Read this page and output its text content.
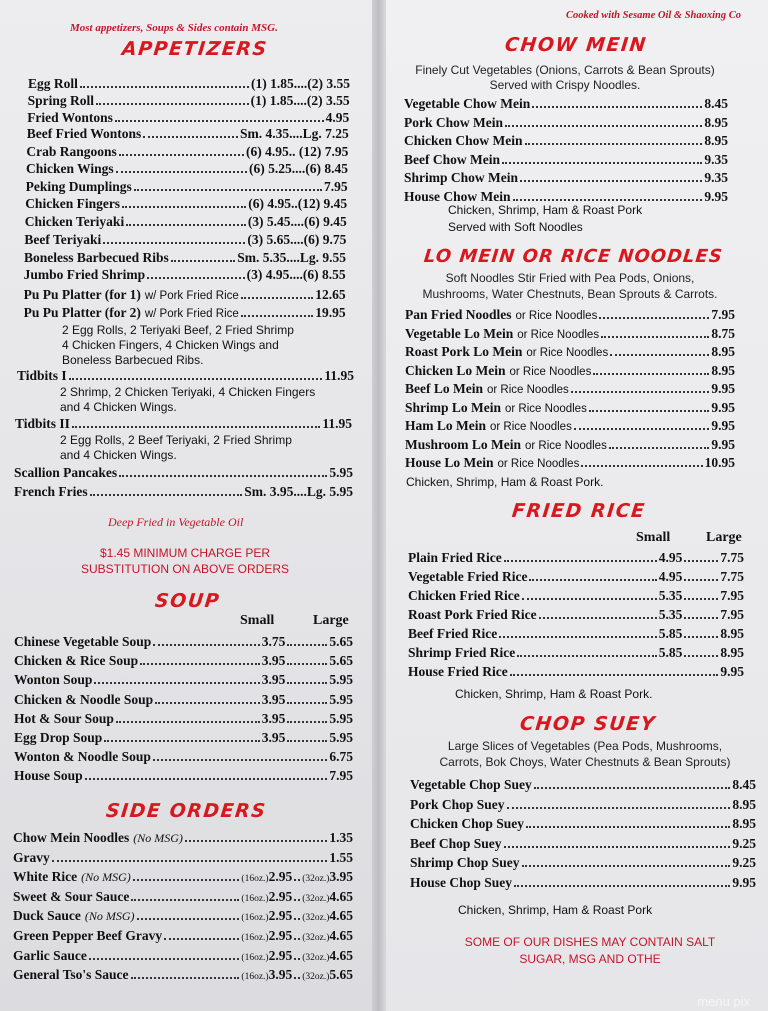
Most appetizers, Soups & Sides contain MSG.
APPETIZERS
Egg Roll	(1) 1.85....(2) 3.55
Spring Roll	(1) 1.85....(2) 3.55
Fried Wontons	4.95
Beef Fried Wontons	Sm. 4.35....Lg. 7.25
Crab Rangoons	(6) 4.95.. (12) 7.95
Chicken Wings	(6) 5.25....(6) 8.45
Peking Dumplings	7.95
Chicken Fingers	(6) 4.95..(12) 9.45
Chicken Teriyaki	(3) 5.45....(6) 9.45
Beef Teriyaki	(3) 5.65....(6) 9.75
Boneless Barbecued Ribs	Sm. 5.35....Lg. 9.55
Jumbo Fried Shrimp	(3) 4.95....(6) 8.55
Pu Pu Platter (for 1) w/ Pork Fried Rice	12.65
Pu Pu Platter (for 2) w/ Pork Fried Rice	19.95
2 Egg Rolls, 2 Teriyaki Beef, 2 Fried Shrimp
4 Chicken Fingers, 4 Chicken Wings and
Boneless Barbecued Ribs.
Tidbits I	11.95
2 Shrimp, 2 Chicken Teriyaki, 4 Chicken Fingers
and 4 Chicken Wings.
Tidbits II	11.95
2 Egg Rolls, 2 Beef Teriyaki, 2 Fried Shrimp
and 4 Chicken Wings.
Scallion Pancakes	5.95
French Fries	Sm. 3.95....Lg. 5.95
Deep Fried in Vegetable Oil
$1.45 MINIMUM CHARGE PER
SUBSTITUTION ON ABOVE ORDERS
SOUP
Small	Large
Chinese Vegetable Soup	3.75	5.65
Chicken & Rice Soup	3.95	5.65
Wonton Soup	3.95	5.95
Chicken & Noodle Soup	3.95	5.95
Hot & Sour Soup	3.95	5.95
Egg Drop Soup	3.95	5.95
Wonton & Noodle Soup	6.75
House Soup	7.95
SIDE ORDERS
Chow Mein Noodles (No MSG)	1.35
Gravy	1.55
White Rice (No MSG)	(16oz.) 2.95 (32oz.) 3.95
Sweet & Sour Sauce	(16oz.) 2.95 (32oz.) 4.65
Duck Sauce (No MSG)	(16oz.) 2.95 (32oz.) 4.65
Green Pepper Beef Gravy	(16oz.) 2.95 (32oz.) 4.65
Garlic Sauce	(16oz.) 2.95 (32oz.) 4.65
General Tso's Sauce	(16oz.) 3.95 (32oz.) 5.65
Cooked with Sesame Oil & Shaoxing Co
CHOW MEIN
Finely Cut Vegetables (Onions, Carrots & Bean Sprouts)
Served with Crispy Noodles.
Vegetable Chow Mein	8.45
Pork Chow Mein	8.95
Chicken Chow Mein	8.95
Beef Chow Mein	9.35
Shrimp Chow Mein	9.35
House Chow Mein	9.95
Chicken, Shrimp, Ham & Roast Pork
Served with Soft Noodles
LO MEIN OR RICE NOODLES
Soft Noodles Stir Fried with Pea Pods, Onions,
Mushrooms, Water Chestnuts, Bean Sprouts & Carrots.
Pan Fried Noodles or Rice Noodles	7.95
Vegetable Lo Mein or Rice Noodles	8.75
Roast Pork Lo Mein or Rice Noodles	8.95
Chicken Lo Mein or Rice Noodles	8.95
Beef Lo Mein or Rice Noodles	9.95
Shrimp Lo Mein or Rice Noodles	9.95
Ham Lo Mein or Rice Noodles	9.95
Mushroom Lo Mein or Rice Noodles	9.95
House Lo Mein or Rice Noodles	10.95
Chicken, Shrimp, Ham & Roast Pork.
FRIED RICE
Small	Large
Plain Fried Rice	4.95	7.75
Vegetable Fried Rice	4.95	7.75
Chicken Fried Rice	5.35	7.95
Roast Pork Fried Rice	5.35	7.95
Beef Fried Rice	5.85	8.95
Shrimp Fried Rice	5.85	8.95
House Fried Rice	9.95
Chicken, Shrimp, Ham & Roast Pork.
CHOP SUEY
Large Slices of Vegetables (Pea Pods, Mushrooms,
Carrots, Bok Choys, Water Chestnuts & Bean Sprouts)
Vegetable Chop Suey	8.45
Pork Chop Suey	8.95
Chicken Chop Suey	8.95
Beef Chop Suey	9.25
Shrimp Chop Suey	9.25
House Chop Suey	9.95
Chicken, Shrimp, Ham & Roast Pork
SOME OF OUR DISHES MAY CONTAIN SALT
SUGAR, MSG AND OTHE
menu pix
